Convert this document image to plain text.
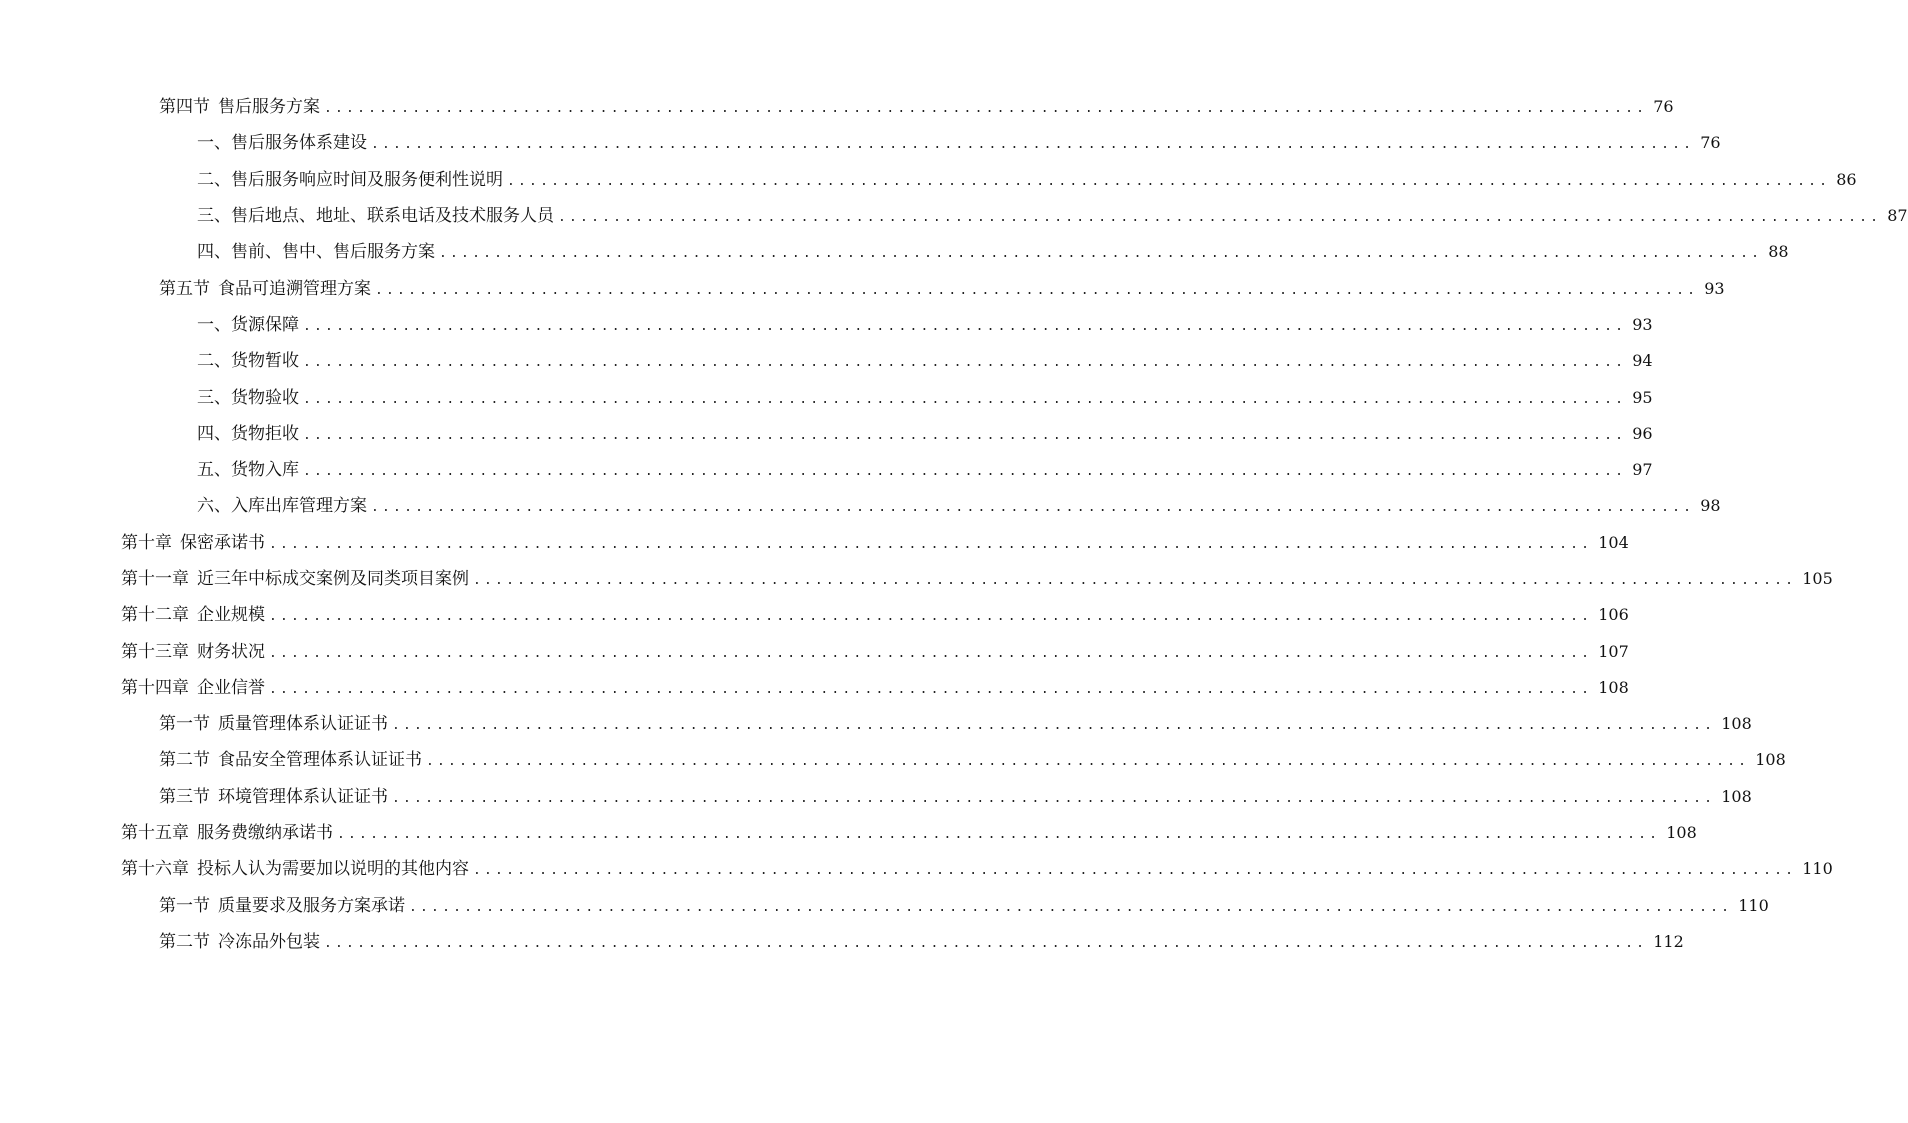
第四节 售后服务方案 ........................................................................................................................ 76
一、 售后服务体系建设 ........................................................................................................................ 76
二、 售后服务响应时间及服务便利性说明 ........................................................................................................................ 86
三、 售后地点、地址、联系电话及技术服务人员 ........................................................................................................................ 87
四、 售前、售中、售后服务方案 ........................................................................................................................ 88
第五节 食品可追溯管理方案 ........................................................................................................................ 93
一、 货源保障 ........................................................................................................................ 93
二、 货物暂收 ........................................................................................................................ 94
三、 货物验收 ........................................................................................................................ 95
四、 货物拒收 ........................................................................................................................ 96
五、 货物入库 ........................................................................................................................ 97
六、 入库出库管理方案 ........................................................................................................................ 98
第十章 保密承诺书 ........................................................................................................................ 104
第十一章 近三年中标成交案例及同类项目案例 ........................................................................................................................ 105
第十二章 企业规模 ........................................................................................................................ 106
第十三章 财务状况 ........................................................................................................................ 107
第十四章 企业信誉 ........................................................................................................................ 108
第一节 质量管理体系认证证书 ........................................................................................................................ 108
第二节 食品安全管理体系认证证书 ........................................................................................................................ 108
第三节 环境管理体系认证证书 ........................................................................................................................ 108
第十五章 服务费缴纳承诺书 ........................................................................................................................ 108
第十六章 投标人认为需要加以说明的其他内容 ........................................................................................................................ 110
第一节 质量要求及服务方案承诺 ........................................................................................................................ 110
第二节 冷冻品外包装 ........................................................................................................................ 112
